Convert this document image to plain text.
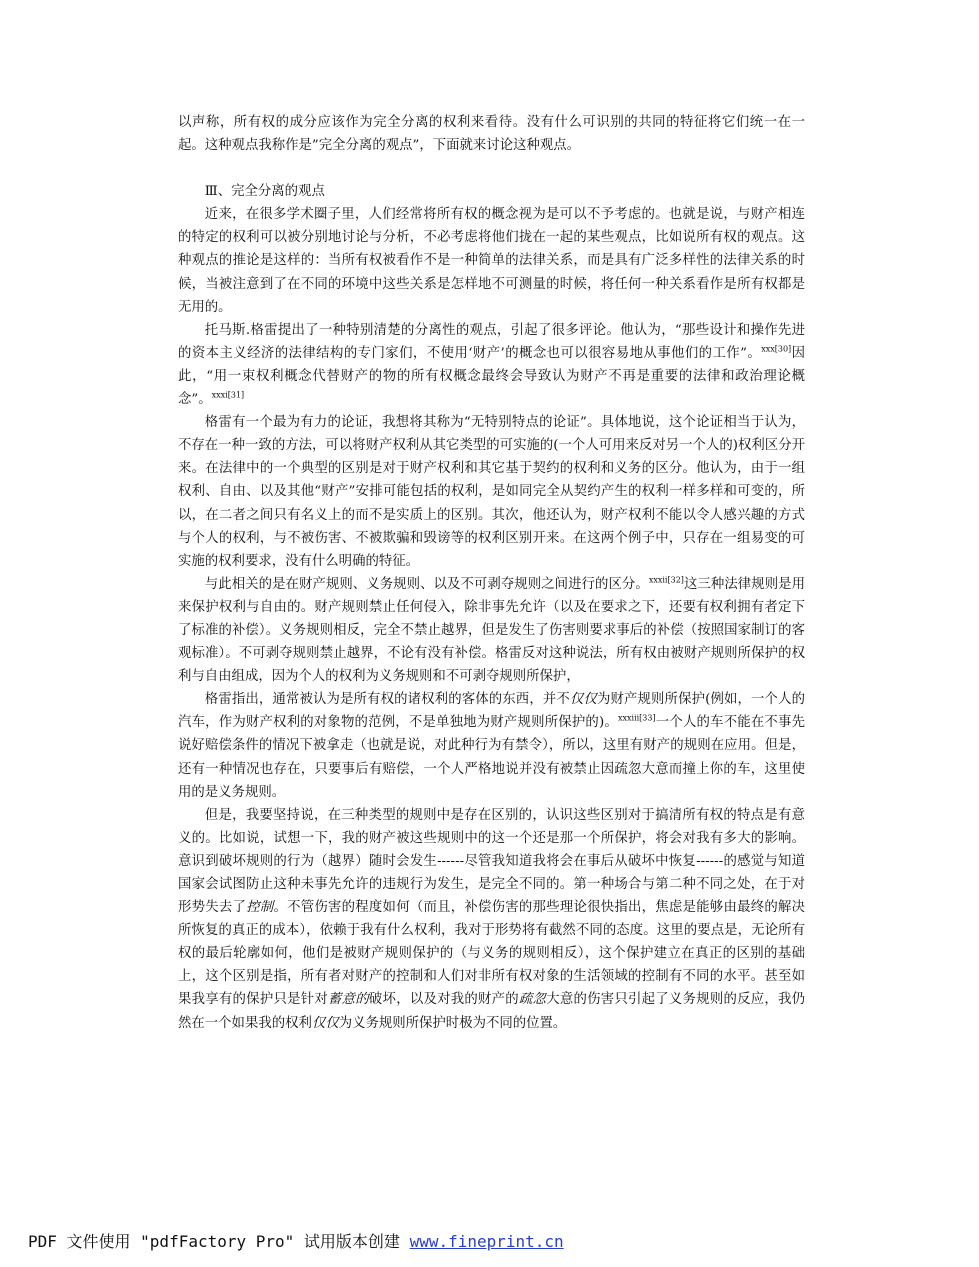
以声称，所有权的成分应该作为完全分离的权利来看待。没有什么可识别的共同的特征将它们统一在一起。这种观点我称作是”完全分离的观点”，下面就来讨论这种观点。

Ⅲ、完全分离的观点

近来，在很多学术圈子里，人们经常将所有权的概念视为是可以不予考虑的。也就是说，与财产相连的特定的权利可以被分别地讨论与分析，不必考虑将他们拢在一起的某些观点，比如说所有权的观点。这种观点的推论是这样的：当所有权被看作不是一种简单的法律关系，而是具有广泛多样性的法律关系的时候，当被注意到了在不同的环境中这些关系是怎样地不可测量的时候，将任何一种关系看作是所有权都是无用的。

托马斯.格雷提出了一种特别清楚的分离性的观点，引起了很多评论。他认为，“那些设计和操作先进的资本主义经济的法律结构的专门家们，不使用‘财产’的概念也可以很容易地从事他们的工作”。$^{xxx[30]}$因此，“用一束权利概念代替财产的物的所有权概念最终会导致认为财产不再是重要的法律和政治理论概念”。$^{xxxi[31]}$

格雷有一个最为有力的论证，我想将其称为“无特别特点的论证”。具体地说，这个论证相当于认为，不存在一种一致的方法，可以将财产权利从其它类型的可实施的(一个人可用来反对另一个人的)权利区分开来。在法律中的一个典型的区别是对于财产权利和其它基于契约的权利和义务的区分。他认为，由于一组权利、自由、以及其他“财产”安排可能包括的权利，是如同完全从契约产生的权利一样多样和可变的，所以，在二者之间只有名义上的而不是实质上的区别。其次，他还认为，财产权利不能以令人感兴趣的方式与个人的权利，与不被伤害、不被欺骗和毁谤等的权利区别开来。在这两个例子中，只存在一组易变的可实施的权利要求，没有什么明确的特征。

与此相关的是在财产规则、义务规则、以及不可剥夺规则之间进行的区分。$^{xxxii[32]}$这三种法律规则是用来保护权利与自由的。财产规则禁止任何侵入，除非事先允许（以及在要求之下，还要有权利拥有者定下了标准的补偿）。义务规则相反，完全不禁止越界，但是发生了伤害则要求事后的补偿（按照国家制订的客观标准）。不可剥夺规则禁止越界，不论有没有补偿。格雷反对这种说法，所有权由被财产规则所保护的权利与自由组成，因为个人的权利为义务规则和不可剥夺规则所保护，

格雷指出，通常被认为是所有权的诸权利的客体的东西，并不仅仅为财产规则所保护(例如，一个人的汽车，作为财产权利的对象物的范例，不是单独地为财产规则所保护的)。$^{xxxiii[33]}$一个人的车不能在不事先说好赔偿条件的情况下被拿走（也就是说，对此种行为有禁令），所以，这里有财产的规则在应用。但是，还有一种情况也存在，只要事后有赔偿，一个人严格地说并没有被禁止因疏忽大意而撞上你的车，这里使用的是义务规则。

但是，我要坚持说，在三种类型的规则中是存在区别的，认识这些区别对于搞清所有权的特点是有意义的。比如说，试想一下，我的财产被这些规则中的这一个还是那一个所保护，将会对我有多大的影响。意识到破坏规则的行为（越界）随时会发生------尽管我知道我将会在事后从破坏中恢复------的感觉与知道国家会试图防止这种未事先允许的违规行为发生，是完全不同的。第一种场合与第二种不同之处，在于对形势失去了控制。不管伤害的程度如何（而且，补偿伤害的那些理论很快指出，焦虑是能够由最终的解决所恢复的真正的成本），依赖于我有什么权利，我对于形势将有截然不同的态度。这里的要点是，无论所有权的最后轮廓如何，他们是被财产规则保护的（与义务的规则相反），这个保护建立在真正的区别的基础上，这个区别是指，所有者对财产的控制和人们对非所有权对象的生活领域的控制有不同的水平。甚至如果我享有的保护只是针对蓄意的破坏，以及对我的财产的疏忽大意的伤害只引起了义务规则的反应，我仍然在一个如果我的权利仅仅为义务规则所保护时极为不同的位置。

PDF 文件使用 "pdfFactory Pro" 试用版本创建 www.fineprint.cn
